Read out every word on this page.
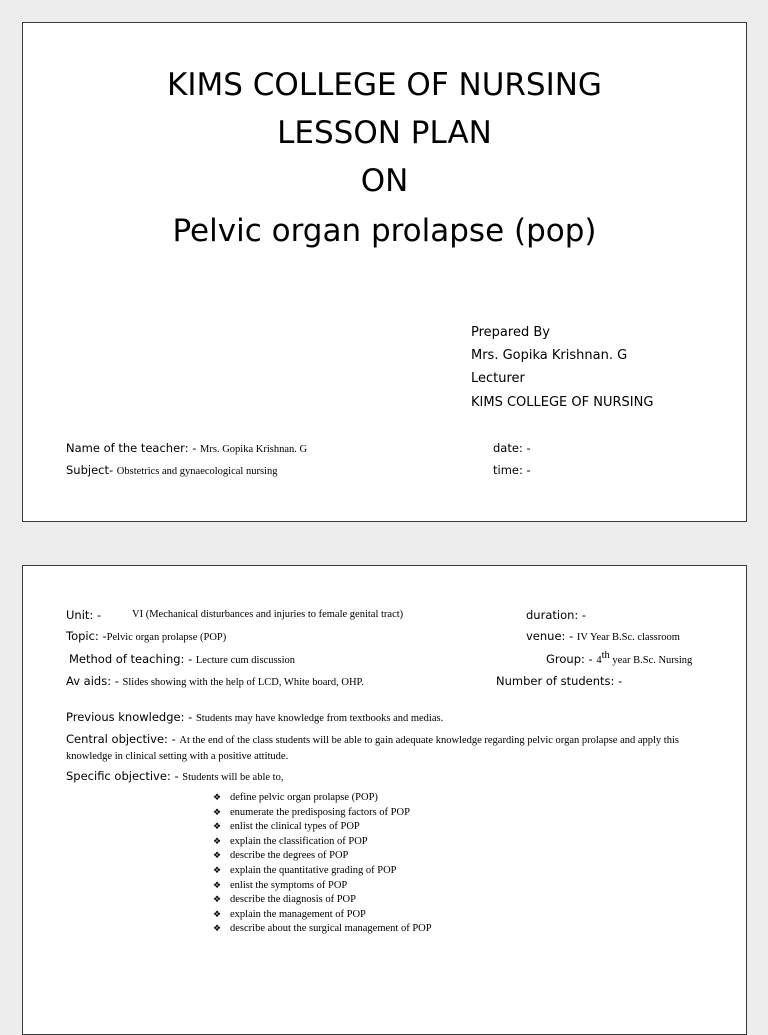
KIMS COLLEGE OF NURSING
LESSON PLAN
ON
Pelvic organ prolapse (pop)
Prepared By
Mrs. Gopika Krishnan. G
Lecturer
KIMS COLLEGE OF NURSING
Name of the teacher: - Mrs. Gopika Krishnan. G	date: -
Subject- Obstetrics and gynaecological nursing	time: -
Unit: -	VI (Mechanical disturbances and injuries to female genital tract)	duration: -
Topic: -Pelvic organ prolapse (POP)	venue: - IV Year B.Sc. classroom
Method of teaching: - Lecture cum discussion	Group: - 4th year B.Sc. Nursing
Av aids: - Slides showing with the help of LCD, White board, OHP.	Number of students: -
Previous knowledge: - Students may have knowledge from textbooks and medias.
Central objective: - At the end of the class students will be able to gain adequate knowledge regarding pelvic organ prolapse and apply this knowledge in clinical setting with a positive attitude.
Specific objective: - Students will be able to,
❖ define pelvic organ prolapse (POP)
❖ enumerate the predisposing factors of POP
❖ enlist the clinical types of POP
❖ explain the classification of POP
❖ describe the degrees of POP
❖ explain the quantitative grading of POP
❖ enlist the symptoms of POP
❖ describe the diagnosis of POP
❖ explain the management of POP
❖ describe about the surgical management of POP
